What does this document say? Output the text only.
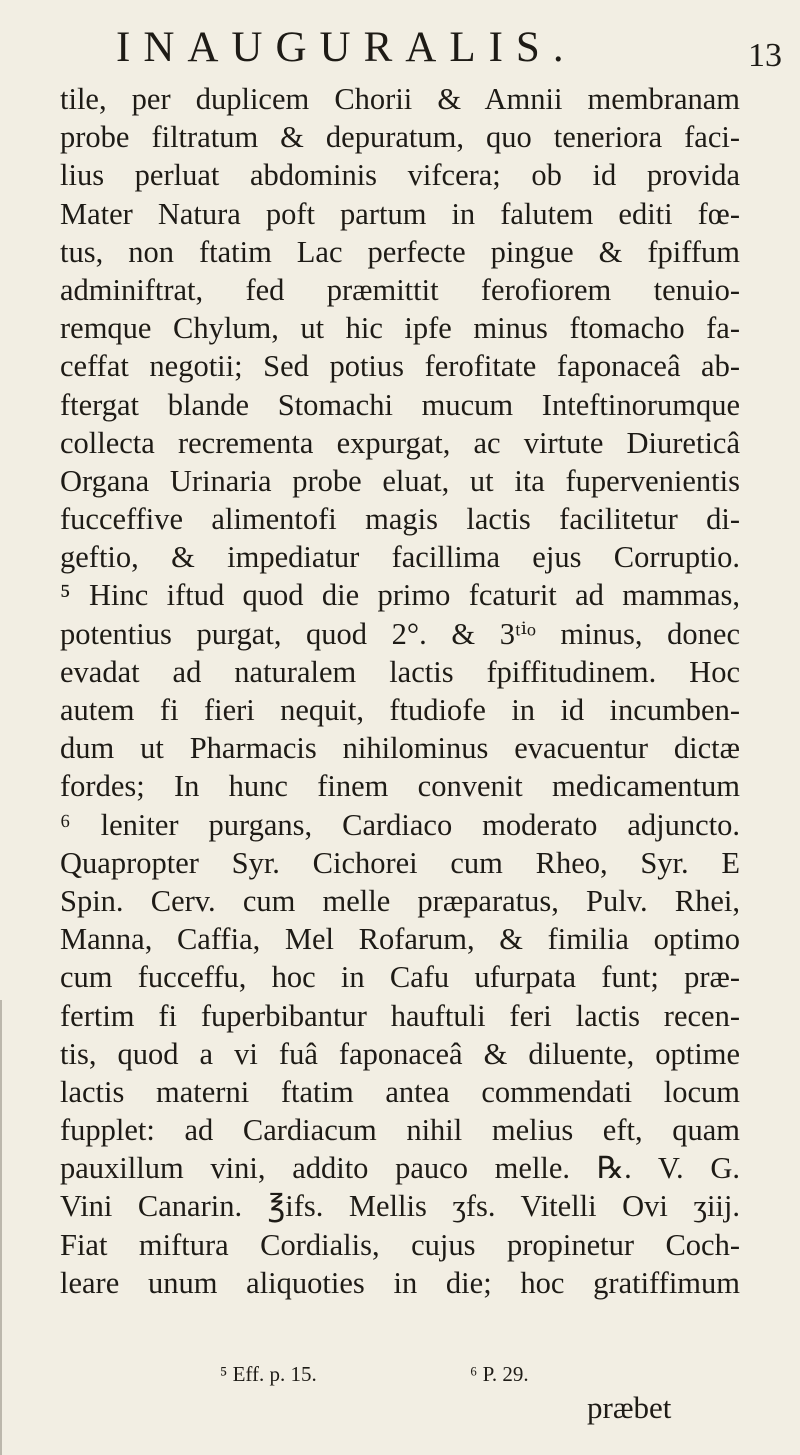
INAUGURALIS.	13
tile, per duplicem Chorii & Amnii membranam
probe filtratum & depuratum, quo teneriora faci-
lius perluat abdominis vifcera; ob id provida
Mater Natura poft partum in falutem editi fœ-
tus, non ftatim Lac perfecte pingue & fpiffum
adminiftrat, fed præmittit ferofiorem tenuio-
remque Chylum, ut hic ipfe minus ftomacho fa-
ceffat negotii; Sed potius ferofitate faponaceâ ab-
ftergat blande Stomachi mucum Inteftinorumque
collecta recrementa expurgat, ac virtute Diureticâ
Organa Urinaria probe eluat, ut ita fupervenientis
fucceffive alimentofi magis lactis facilitetur di-
geftio, & impediatur facillima ejus Corruptio.
⁵ Hinc iftud quod die primo fcaturit ad mammas,
potentius purgat, quod 2°. & 3ᵗⁱᵒ minus, donec
evadat ad naturalem lactis fpiffitudinem. Hoc
autem fi fieri nequit, ftudiofe in id incumben-
dum ut Pharmacis nihilominus evacuentur dictæ
fordes; In hunc finem convenit medicamentum
⁶ leniter purgans, Cardiaco moderato adjuncto.
Quapropter Syr. Cichorei cum Rheo, Syr. E
Spin. Cerv. cum melle præparatus, Pulv. Rhei,
Manna, Caffia, Mel Rofarum, & fimilia optimo
cum fucceffu, hoc in Cafu ufurpata funt; præ-
fertim fi fuperbibantur hauftuli feri lactis recen-
tis, quod a vi fuâ faponaceâ & diluente, optime
lactis materni ftatim antea commendati locum
fupplet: ad Cardiacum nihil melius eft, quam
pauxillum vini, addito pauco melle. ℞. V. G.
Vini Canarin. ℥ifs. Mellis ʒfs. Vitelli Ovi ʒiij.
Fiat miftura Cordialis, cujus propinetur Coch-
leare unum aliquoties in die; hoc gratiffimum
⁵ Eff. p. 15.	⁶ P. 29.
præbet
